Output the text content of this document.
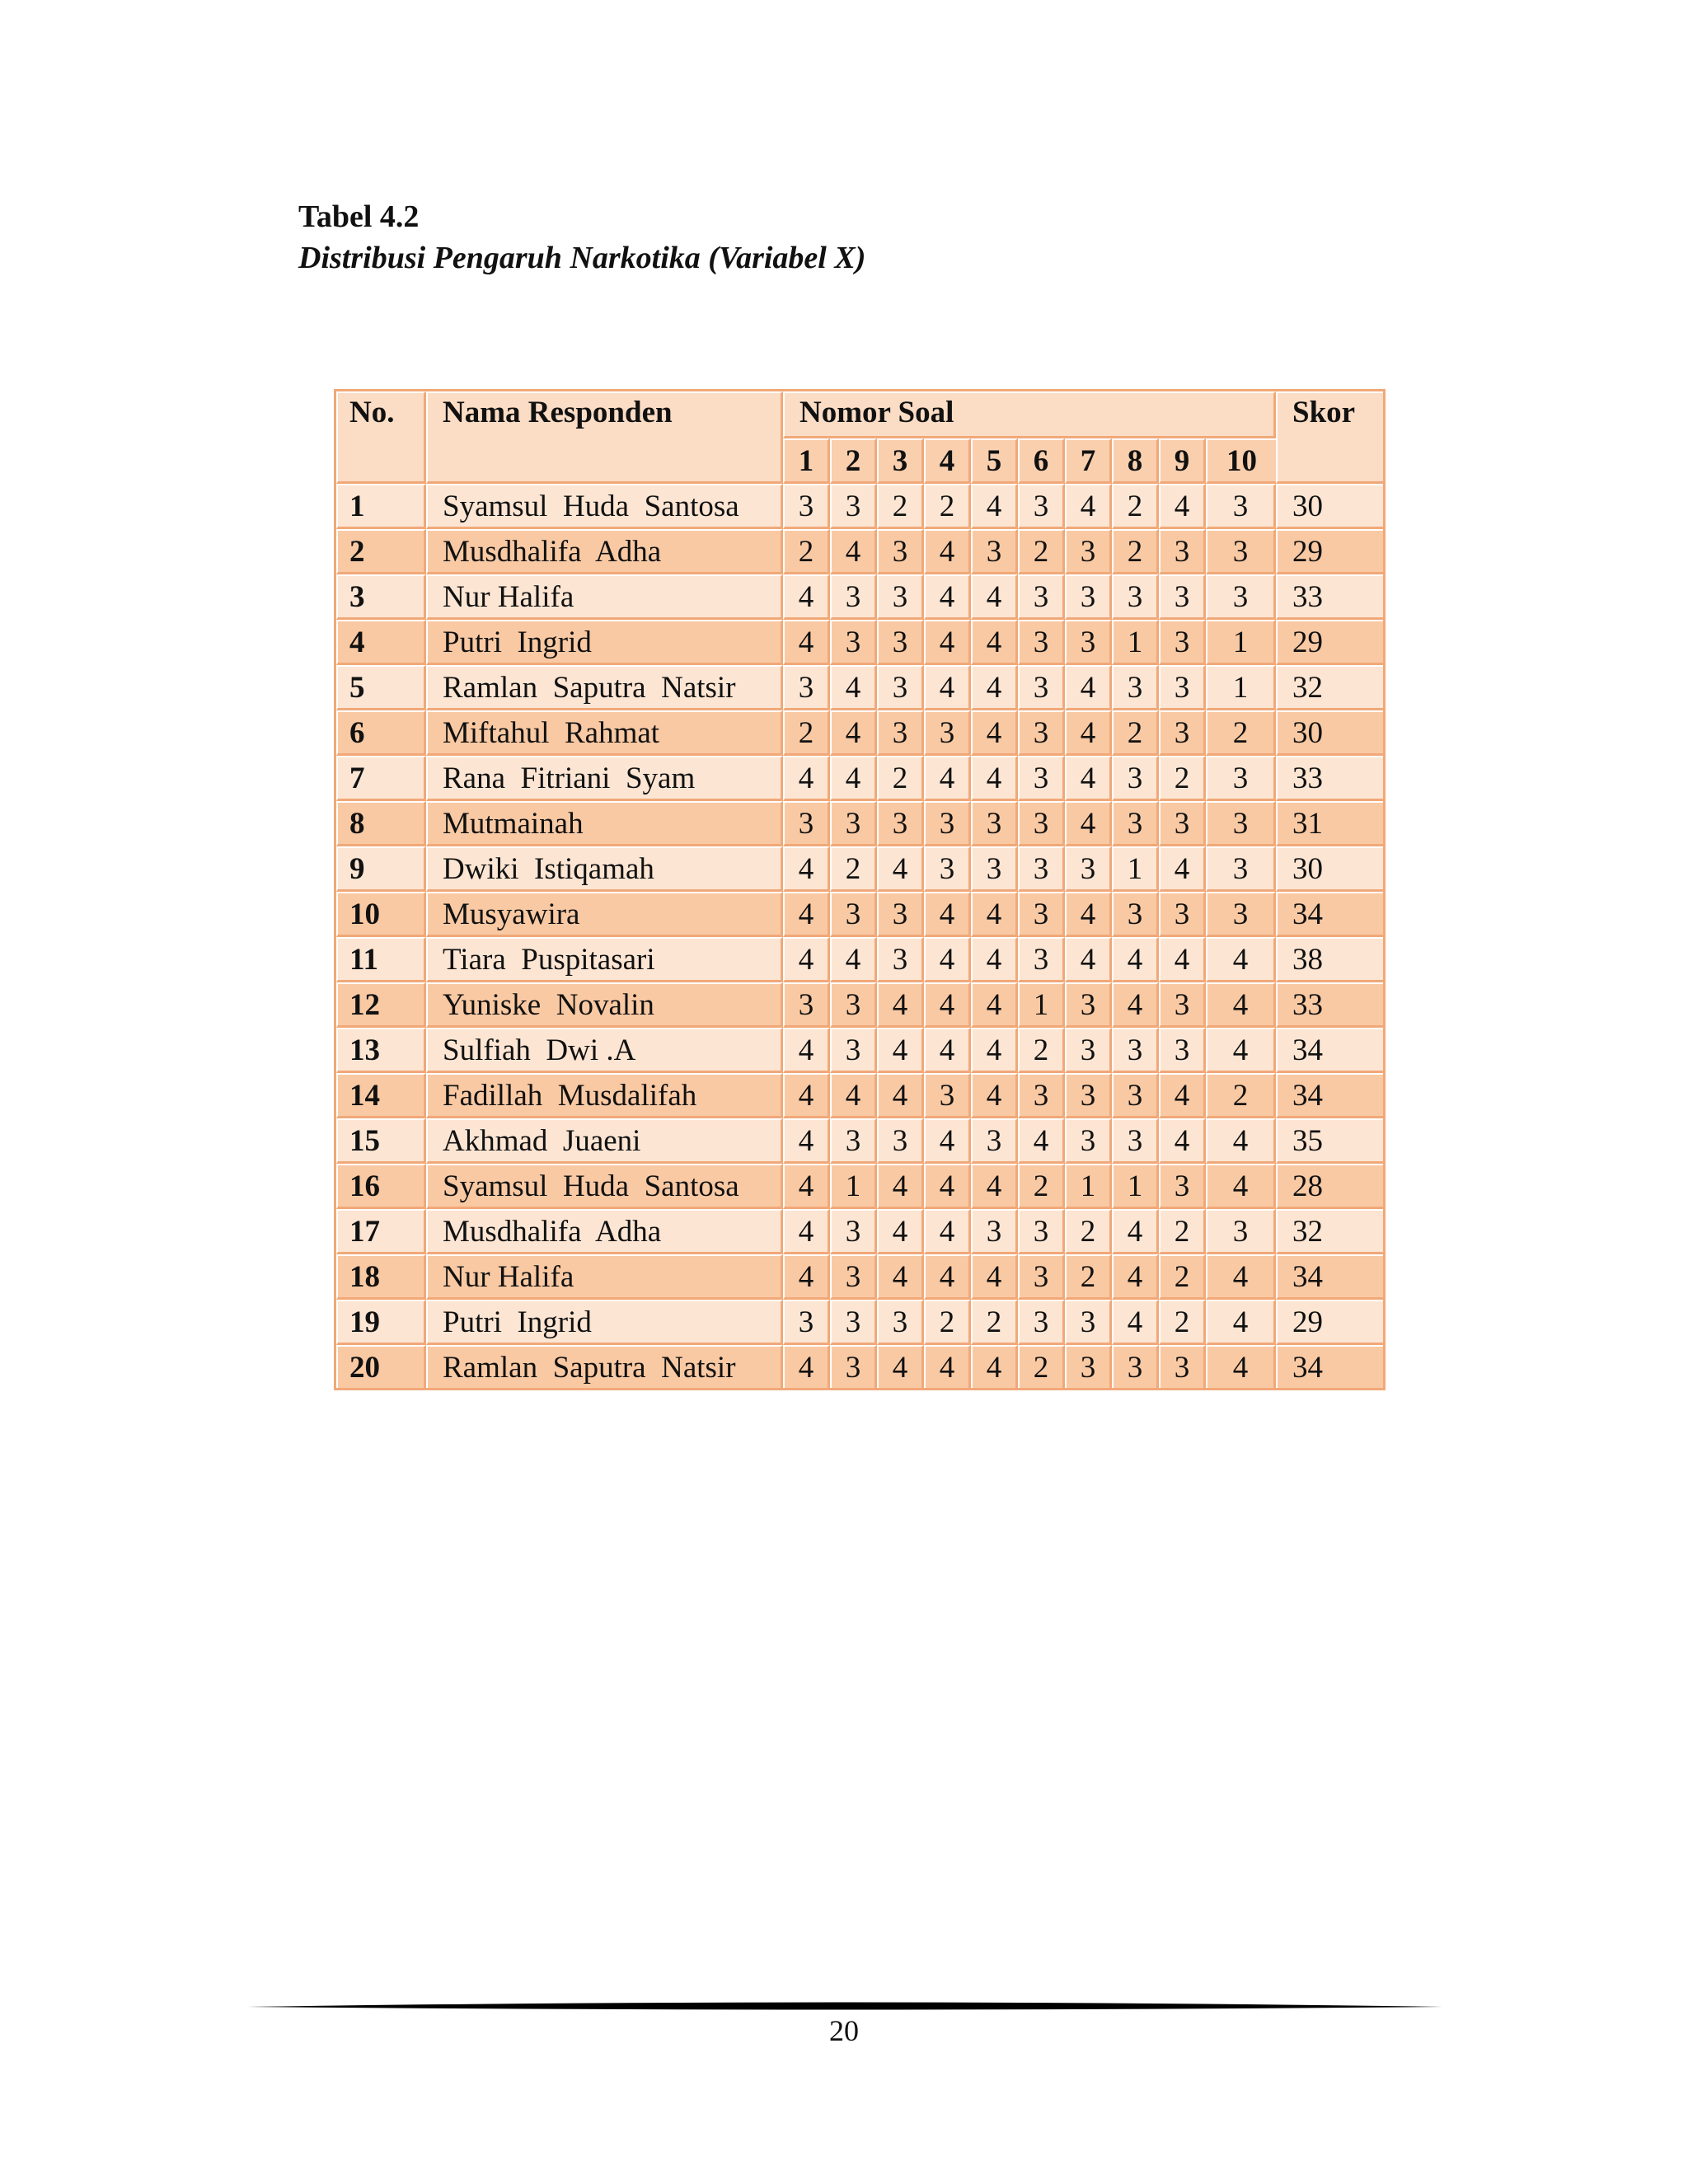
Tabel 4.2
Distribusi Pengaruh Narkotika (Variabel X)
No.	Nama Responden	Nomor Soal										Skor
		1	2	3	4	5	6	7	8	9	10	
1	Syamsul  Huda  Santosa	3	3	2	2	4	3	4	2	4	3	30
2	Musdhalifa  Adha	2	4	3	4	3	2	3	2	3	3	29
3	Nur Halifa	4	3	3	4	4	3	3	3	3	3	33
4	Putri  Ingrid	4	3	3	4	4	3	3	1	3	1	29
5	Ramlan  Saputra  Natsir	3	4	3	4	4	3	4	3	3	1	32
6	Miftahul  Rahmat	2	4	3	3	4	3	4	2	3	2	30
7	Rana  Fitriani  Syam	4	4	2	4	4	3	4	3	2	3	33
8	Mutmainah	3	3	3	3	3	3	4	3	3	3	31
9	Dwiki  Istiqamah	4	2	4	3	3	3	3	1	4	3	30
10	Musyawira	4	3	3	4	4	3	4	3	3	3	34
11	Tiara  Puspitasari	4	4	3	4	4	3	4	4	4	4	38
12	Yuniske  Novalin	3	3	4	4	4	1	3	4	3	4	33
13	Sulfiah  Dwi .A	4	3	4	4	4	2	3	3	3	4	34
14	Fadillah  Musdalifah	4	4	4	3	4	3	3	3	4	2	34
15	Akhmad  Juaeni	4	3	3	4	3	4	3	3	4	4	35
16	Syamsul  Huda  Santosa	4	1	4	4	4	2	1	1	3	4	28
17	Musdhalifa  Adha	4	3	4	4	3	3	2	4	2	3	32
18	Nur Halifa	4	3	4	4	4	3	2	4	2	4	34
19	Putri  Ingrid	3	3	3	2	2	3	3	4	2	4	29
20	Ramlan  Saputra  Natsir	4	3	4	4	4	2	3	3	3	4	34
20
